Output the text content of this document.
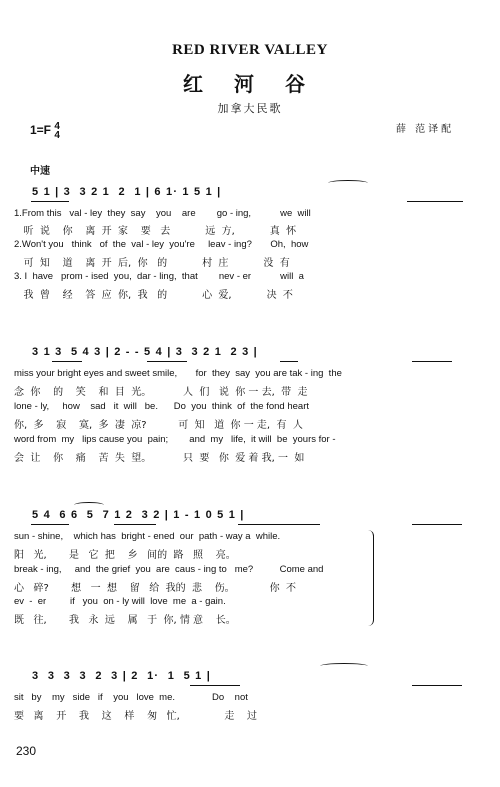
RED RIVER VALLEY
红 河 谷
加拿大民歌
1=F 4
4
薛 范译配
中速
5 1 | 3  3 2 1  2  1 | 6 1· 1 5 1 |
1.From this   val - ley  they  say    you    are        go - ing,           we  will
听  说    你    离  开  家    要   去           远  方,           真  怀
2.Won't you   think   of  the  val - ley  you're     leav - ing?       Oh,  how
可  知    道    离  开  后,  你   的           村  庄           没  有
3. I  have   prom - ised  you,  dar - ling,  that        nev - er           will  a
我  曾    经    答  应  你,  我   的           心  爱,           决  不
3 1 3  5 4 3 | 2 - - 5 4 | 3  3 2 1  2 3 |
miss your bright eyes and sweet smile,       for  they  say  you are tak - ing  the
念  你    的    笑    和  目  光。          人  们   说  你 一 去,  带  走
lone - ly,     how    sad   it  will   be.      Do  you  think  of  the fond heart
你,  多    寂    寞,  多  凄  凉?          可  知   道  你 一 走,  有  人
word from  my   lips cause you  pain;        and  my   life,  it will  be  yours for -
会  让    你    痛    苦  失  望。          只  要   你  爱 着 我, 一  如
5 4  6 6  5  7 1 2  3 2 | 1 - 1 0 5 1 |
sun - shine,    which has  bright - ened  our  path - way a  while.
阳   光,       是   它  把    乡   间的  路   照    亮。
break - ing,     and  the grief  you  are  caus - ing to   me?          Come and
心   碎?       想   一  想    留   给  我的  悲    伤。           你  不
ev  -  er         if   you  on - ly will  love  me  a - gain.
既   往,       我   永  远    属   于  你, 情 意    长。
3  3  3  3  2  3 | 2  1·  1  5 1 |
sit   by    my   side   if    you   love  me.              Do    not
要   离    开    我    这    样    匆   忙,              走    过
230
